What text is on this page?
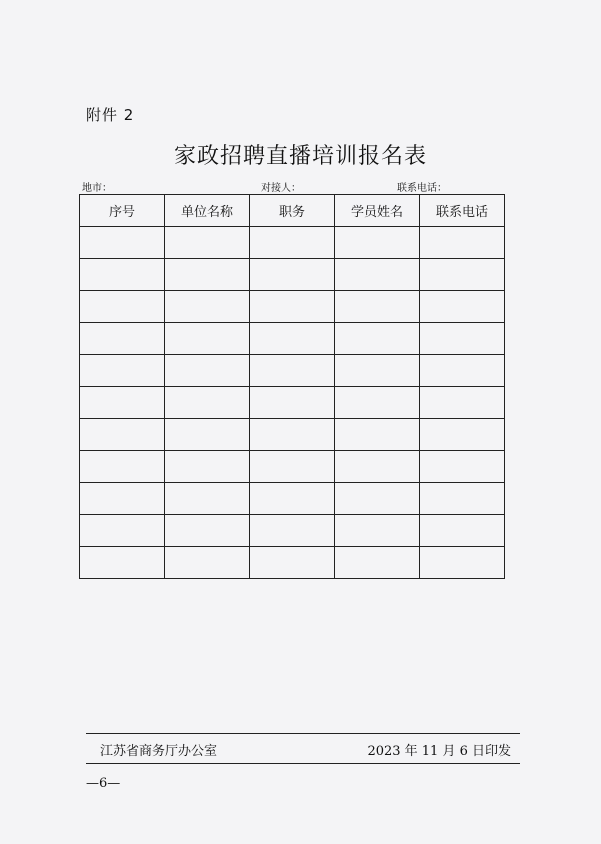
附件 2
家政招聘直播培训报名表
地市：	对接人：	联系电话：
序号	单位名称	职务	学员姓名	联系电话

江苏省商务厅办公室	2023 年 11 月 6 日印发
—6—
